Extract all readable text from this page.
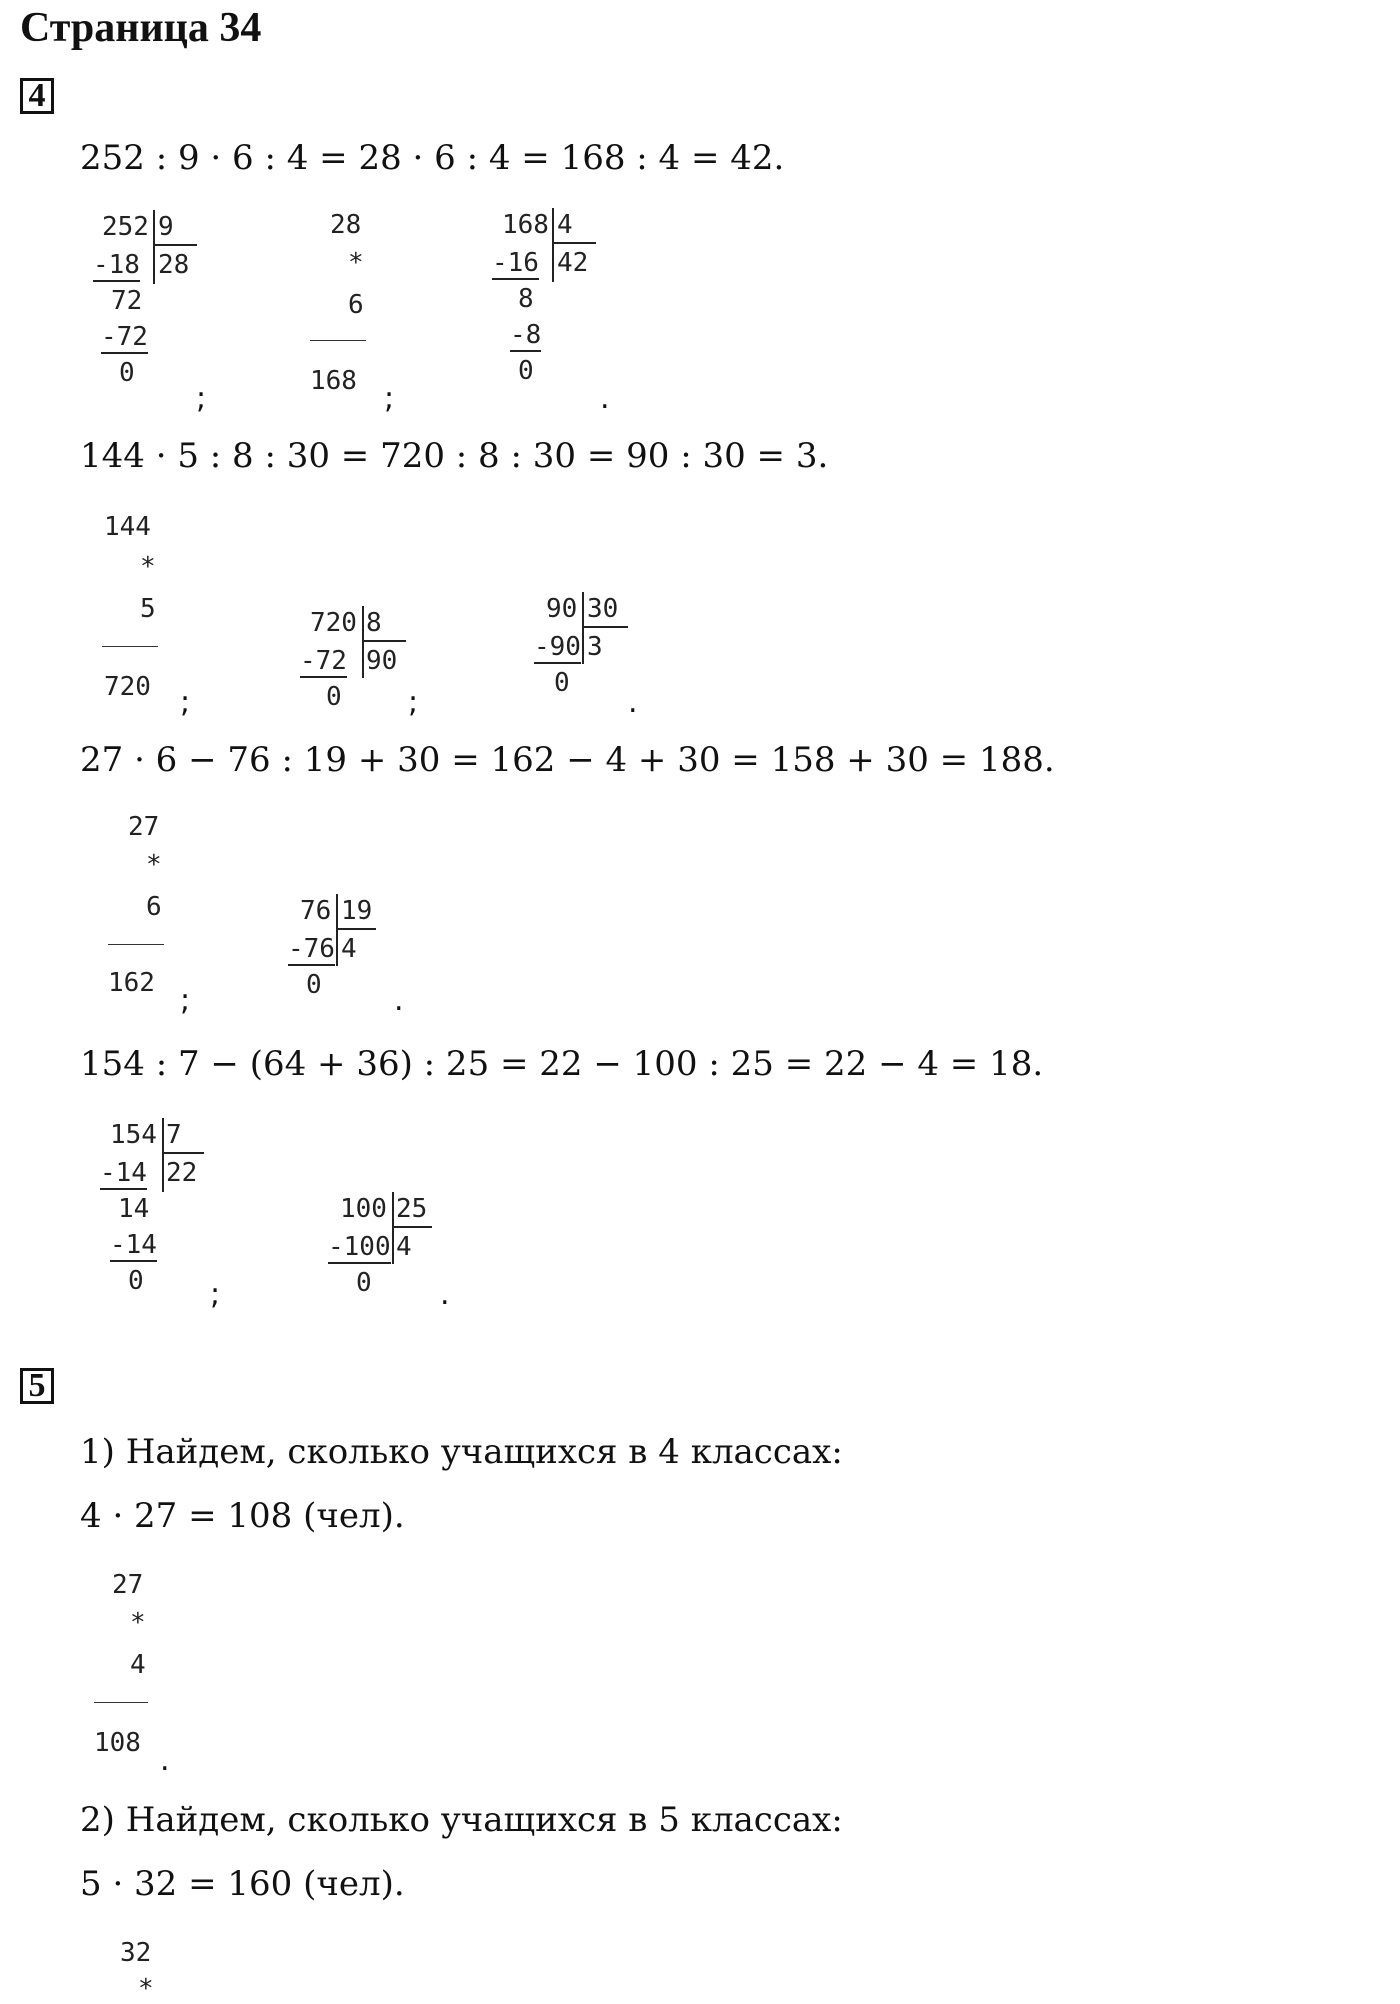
Страница 34
4
252 : 9 · 6 : 4 = 28 · 6 : 4 = 168 : 4 = 42.
252 9
28
-18
72
-72
0
;
28
*
6
168 ;
168 4
42
-16
8
-8
0
.
144 · 5 : 8 : 30 = 720 : 8 : 30 = 90 : 30 = 3.
144
*
5
720 ;
720 8
90
-72
0 ;
90 30
3
-90
0
.
27 · 6 − 76 : 19 + 30 = 162 − 4 + 30 = 158 + 30 = 188.
27
*
6
162 ;
76 19
4
-76
0 .
154 : 7 − (64 + 36) : 25 = 22 − 100 : 25 = 22 − 4 = 18.
154 7
22
-14
14
-14
0 ;
100 25
4
-100
0 .
5
1) Найдем, сколько учащихся в 4 классах:
4 · 27 = 108 (чел).
27
*
4
108 .
2) Найдем, сколько учащихся в 5 классах:
5 · 32 = 160 (чел).
32
*
